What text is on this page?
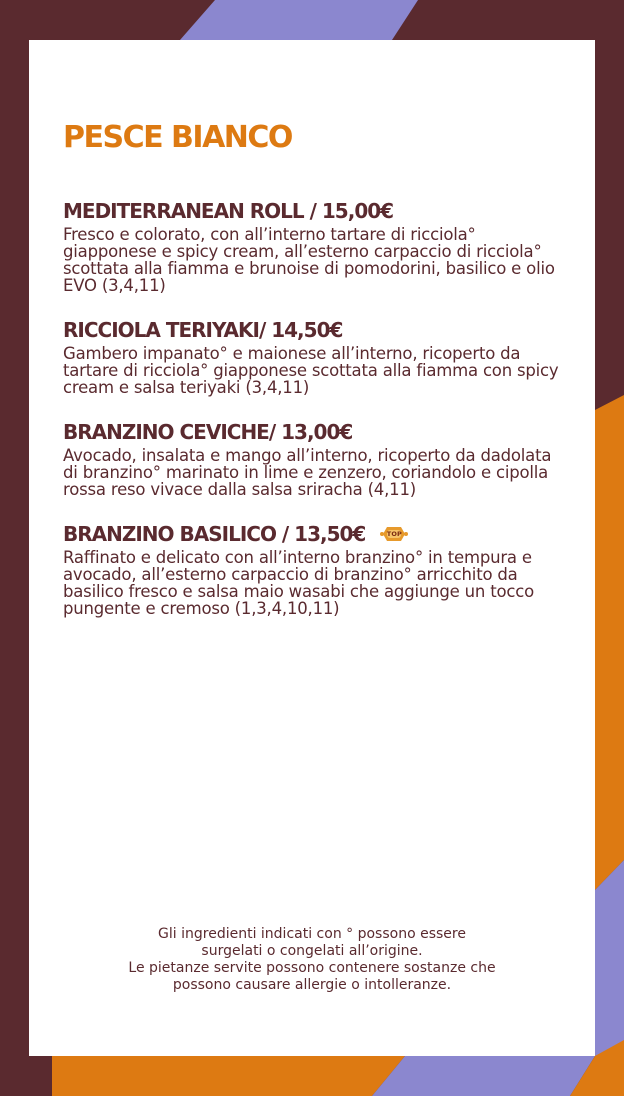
PESCE BIANCO
MEDITERRANEAN ROLL / 15,00€

Fresco e colorato, con all’interno tartare di ricciola° giapponese e spicy cream, all’esterno carpaccio di ricciola° scottata alla fiamma e brunoise di pomodorini, basilico e olio EVO (3,4,11)

RICCIOLA TERIYAKI/ 14,50€

Gambero impanato° e maionese all’interno, ricoperto da tartare di ricciola° giapponese scottata alla fiamma con spicy cream e salsa teriyaki (3,4,11)

BRANZINO CEVICHE/ 13,00€

Avocado, insalata e mango all’interno, ricoperto da dadolata di branzino° marinato in lime e zenzero, coriandolo e cipolla rossa reso vivace dalla salsa sriracha (4,11)

BRANZINO BASILICO / 13,50€	TOP

Raffinato e delicato con all’interno branzino° in tempura e avocado, all’esterno carpaccio di branzino° arricchito da basilico fresco e salsa maio wasabi che aggiunge un tocco pungente e cremoso (1,3,4,10,11)

Gli ingredienti indicati con ° possono essere

surgelati o congelati all’origine.

Le pietanze servite possono contenere sostanze che

possono causare allergie o intolleranze.
